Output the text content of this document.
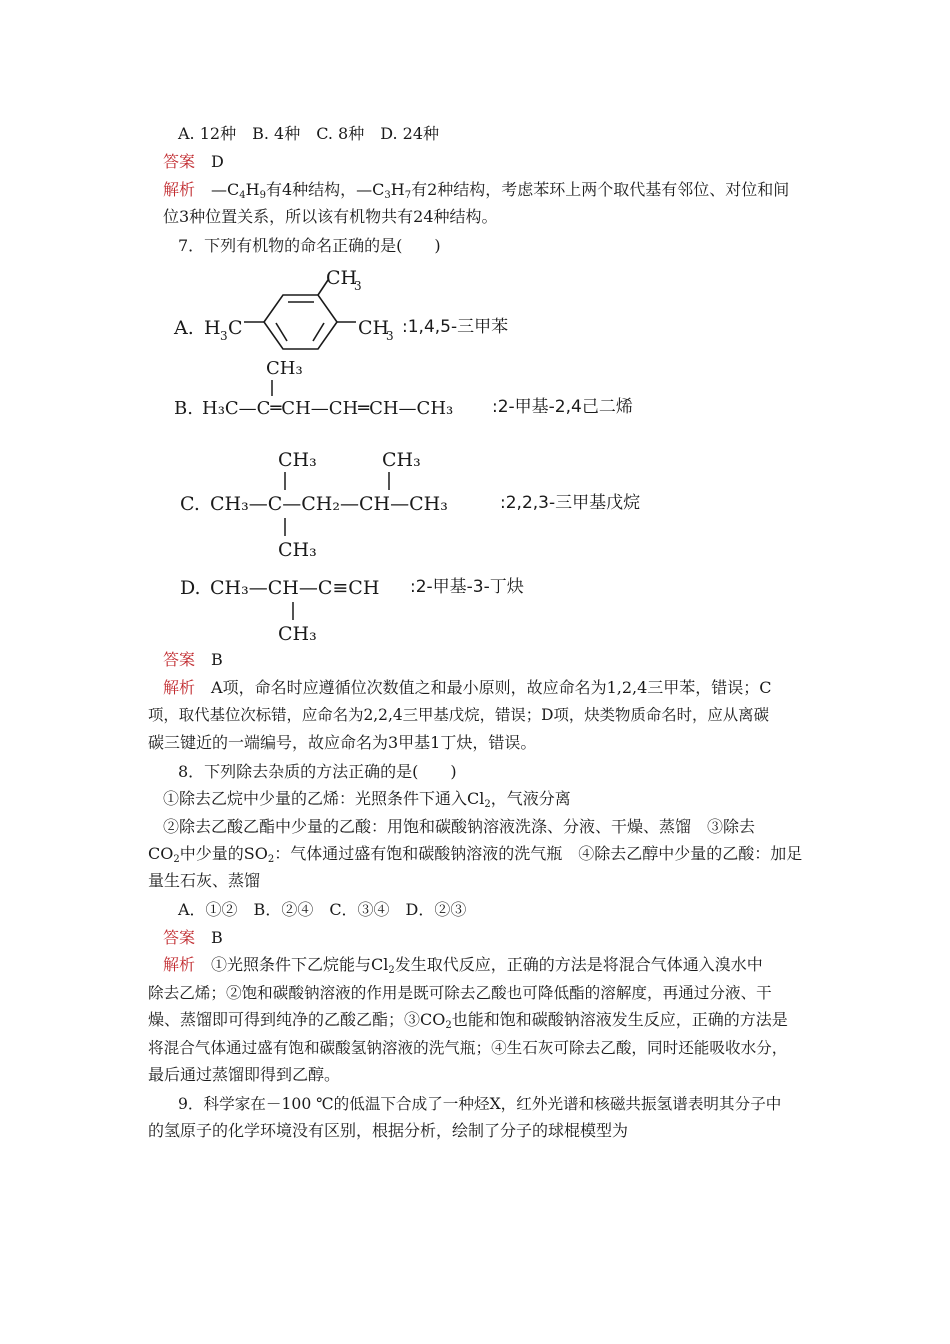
A. 12种　B. 4种　C. 8种　D. 24种
答案　 D
解析　 $—C_4H_9$有4种结构，$—C_3H_7$有2种结构，考虑苯环上两个取代基有邻位、对位和间
位3种位置关系，所以该有机物共有24种结构。
7．下列有机物的命名正确的是(　　)
A. H 3 C
CH
3
CH
3 :1,4,5-三甲苯
CH₃
B. H₃C—C═CH—CH═CH—CH₃ :2-甲基-2,4己二烯
CH₃	CH₃
C. CH₃—C—CH₂—CH—CH₃
CH₃
:2,2,3-三甲基戊烷
D. CH₃—CH—C≡CH
CH₃
:2-甲基-3-丁炔
答案　 B
解析　 A项，命名时应遵循位次数值之和最小原则，故应命名为1,2,4三甲苯，错误；C
项，取代基位次标错，应命名为2,2,4三甲基戊烷，错误；D项，炔类物质命名时，应从离碳
碳三键近的一端编号，故应命名为3甲基1丁炔，错误。
8．下列除去杂质的方法正确的是(　　)
①除去乙烷中少量的乙烯：光照条件下通入$Cl_2$，气液分离
②除去乙酸乙酯中少量的乙酸：用饱和碳酸钠溶液洗涤、分液、干燥、蒸馏　③除去
$CO_2$中少量的$SO_2$：气体通过盛有饱和碳酸钠溶液的洗气瓶　④除去乙醇中少量的乙酸：加足
量生石灰、蒸馏
A．①②　B．②④　C．③④　D．②③
答案　 B
解析　 ①光照条件下乙烷能与$Cl_2$发生取代反应，正确的方法是将混合气体通入溴水中
除去乙烯；②饱和碳酸钠溶液的作用是既可除去乙酸也可降低酯的溶解度，再通过分液、干
燥、蒸馏即可得到纯净的乙酸乙酯；$③CO_2$也能和饱和碳酸钠溶液发生反应，正确的方法是
将混合气体通过盛有饱和碳酸氢钠溶液的洗气瓶；④生石灰可除去乙酸，同时还能吸收水分，
最后通过蒸馏即得到乙醇。
9．科学家在－100 ℃的低温下合成了一种烃X，红外光谱和核磁共振氢谱表明其分子中
的氢原子的化学环境没有区别，根据分析，绘制了分子的球棍模型为
